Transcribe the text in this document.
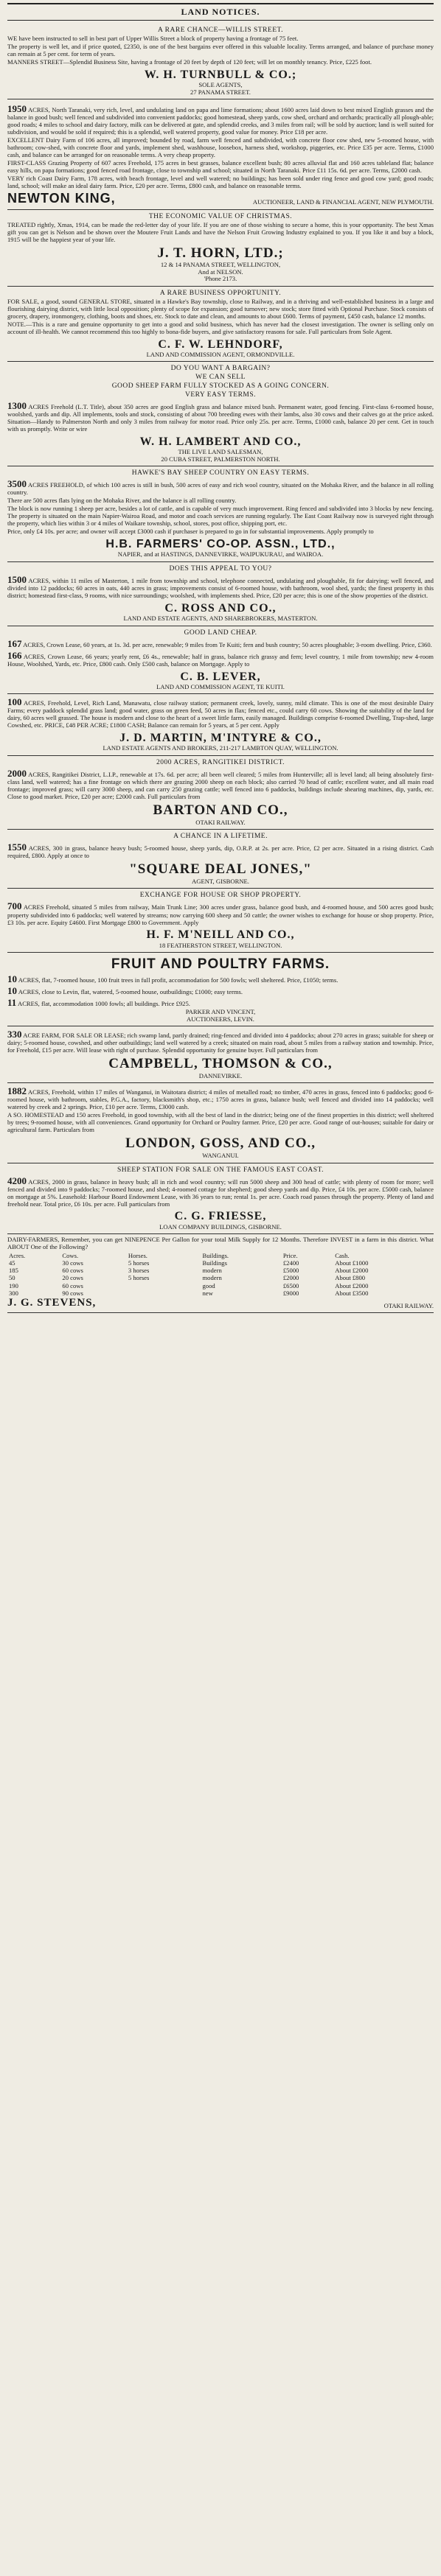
LAND NOTICES.
A RARE CHANCE—WILLIS STREET.

WE have been instructed to sell in best part of Upper Willis Street a block of property having a frontage of 75 feet.

The property is well let, and if price quoted, £2350, is one of the best bargains ever offered in this valuable locality. Terms arranged, and balance of purchase money can remain at 5 per cent. for term of years.

MANNERS STREET—Splendid Business Site, having a frontage of 20 feet by depth of 120 feet; will let on monthly tenancy. Price, £225 foot.

W. H. TURNBULL & CO.;
SOLE AGENTS,
27 PANAMA STREET.

1950 ACRES, North Taranaki, very rich, level, and undulating land on papa and lime formations; about 1600 acres laid down to best mixed English grasses and the balance in good bush; well fenced and subdivided into convenient paddocks; good homestead, sheep yards, cow shed, orchard and orchards; practically all plough-able; good roads; 4 miles to school and dairy factory, milk can be delivered at gate, and splendid creeks, and 3 miles from rail; will be sold by auction; land is well suited for subdivision, and would be sold if required; this is a splendid, well watered property, good value for money. Price £18 per acre.

EXCELLENT Dairy Farm of 106 acres, all improved; bounded by road, farm well fenced and subdivided, with concrete floor cow shed, new 5-roomed house, with bathroom; cow-shed, with concrete floor and yards, implement shed, washhouse, loosebox, harness shed, workshop, piggeries, etc. Price £35 per acre. Terms, £1000 cash, and balance can be arranged for on reasonable terms. A very cheap property.

FIRST-CLASS Grazing Property of 607 acres Freehold, 175 acres in best grasses, balance excellent bush; 80 acres alluvial flat and 160 acres tableland flat; balance easy hills, on papa formations; good fenced road frontage, close to township and school; situated in North Taranaki. Price £11 15s. 6d. per acre. Terms, £2000 cash.

VERY rich Coast Dairy Farm, 178 acres, with beach frontage, level and well watered; no buildings; has been sold under ring fence and good cow yard; good roads; land, school; will make an ideal dairy farm. Price, £20 per acre. Terms, £800 cash, and balance on reasonable terms.

NEWTON KING,	AUCTIONEER, LAND & FINANCIAL AGENT, NEW PLYMOUTH.
THE ECONOMIC VALUE OF CHRISTMAS.

TREATED rightly, Xmas, 1914, can be made the red-letter day of your life. If you are one of those wishing to secure a home, this is your opportunity. The best Xmas gift you can get is Nelson and be shown over the Moutere Fruit Lands and have the Nelson Fruit Growing Industry explained to you. If you like it and buy a block, 1915 will be the happiest year of your life.

J. T. HORN, LTD.;
12 & 14 PANAMA STREET, WELLINGTON,
And at NELSON.
'Phone 2173.
A RARE BUSINESS OPPORTUNITY.

FOR SALE, a good, sound GENERAL STORE, situated in a Hawke's Bay township, close to Railway, and in a thriving and well-established business in a large and flourishing dairying district, with little local opposition; plenty of scope for expansion; good turnover; new stock; store fitted with Optional Purchase. Stock consists of grocery, drapery, ironmongery, clothing, boots and shoes, etc. Stock to date and clean, and amounts to about £600. Terms of payment, £450 cash, balance 12 months.

NOTE.—This is a rare and genuine opportunity to get into a good and solid business, which has never had the closest investigation. The owner is selling only on account of ill-health. We cannot recommend this too highly to bona-fide buyers, and give satisfactory reasons for sale. Full particulars from Sole Agent.

C. F. W. LEHNDORF,
LAND AND COMMISSION AGENT, ORMONDVILLE.
DO YOU WANT A BARGAIN?
WE CAN SELL
GOOD SHEEP FARM FULLY STOCKED AS A GOING CONCERN.
VERY EASY TERMS.

1300 ACRES Freehold (L.T. Title), about 350 acres are good English grass and balance mixed bush. Permanent water, good fencing. First-class 6-roomed house, woolshed, yards and dip. All implements, tools and stock, consisting of about 700 breeding ewes with their lambs, also 30 cows and their calves go at the price asked. Situation—Handy to Palmerston North and only 3 miles from railway for motor road. Price only 25s. per acre. Terms, £1000 cash, balance 20 per cent. Get in touch with us promptly. Write or wire

W. H. LAMBERT AND CO.,
THE LIVE LAND SALESMAN,
20 CUBA STREET, PALMERSTON NORTH.
HAWKE'S BAY SHEEP COUNTRY ON EASY TERMS.

3500 ACRES FREEHOLD, of which 100 acres is still in bush, 500 acres of easy and rich wool country, situated on the Mohaka River, and the balance in all rolling country.

There are 500 acres flats lying on the Mohaka River, and the balance is all rolling country.

The block is now running 1 sheep per acre, besides a lot of cattle, and is capable of very much improvement. Ring fenced and subdivided into 3 blocks by new fencing. The property is situated on the main Napier-Wairoa Road, and motor and coach services are running regularly. The East Coast Railway now is surveyed right through the property, which lies within 3 or 4 miles of Waikare township, school, stores, post office, shipping port, etc.

Price, only £4 10s. per acre; and owner will accept £3000 cash if purchaser is prepared to go in for substantial improvements. Apply promptly to

H.B. FARMERS' CO-OP. ASSN., LTD.,
NAPIER, and at HASTINGS, DANNEVIRKE, WAIPUKURAU, and WAIROA.
DOES THIS APPEAL TO YOU?

1500 ACRES, within 11 miles of Masterton, 1 mile from township and school, telephone connected, undulating and ploughable, fit for dairying; well fenced, and divided into 12 paddocks; 60 acres in oats, 440 acres in grass; improvements consist of 6-roomed house, with bathroom, wool shed, yards; the finest property in this district; homestead first-class, 9 rooms, with nice surroundings; woolshed, with implements shed. Price, £20 per acre; this is one of the show properties of the district.

C. ROSS AND CO.,
LAND AND ESTATE AGENTS, AND SHAREBROKERS, MASTERTON.
GOOD LAND CHEAP.

167 ACRES, Crown Lease, 60 years, at 1s. 3d. per acre, renewable; 9 miles from Te Kuiti; fern and bush country; 50 acres ploughable; 3-room dwelling. Price, £360.

166 ACRES, Crown Lease, 66 years; yearly rent, £6 4s., renewable; half in grass, balance rich grassy and fern; level country, 1 mile from township; new 4-room House, Woolshed, Yards, etc. Price, £800 cash. Only £500 cash, balance on Mortgage. Apply to

C. B. LEVER,
LAND AND COMMISSION AGENT, TE KUITI.

100 ACRES, Freehold, Level, Rich Land, Manawatu, close railway station; permanent creek, lovely, sunny, mild climate. This is one of the most desirable Dairy Farms; every paddock splendid grass land; good water, grass on green feed, 50 acres in flax; fenced etc., could carry 60 cows. Showing the suitability of the land for dairy, 60 acres well grassed. The house is modern and close to the heart of a sweet little farm, easily managed. Buildings comprise 6-roomed Dwelling, Trap-shed, large Cowshed, etc. PRICE, £48 PER ACRE; £1800 CASH; Balance can remain for 5 years, at 5 per cent. Apply

J. D. MARTIN, M'INTYRE & CO.,
LAND ESTATE AGENTS AND BROKERS, 211-217 LAMBTON QUAY, WELLINGTON.
2000 ACRES, RANGITIKEI DISTRICT.

2000 ACRES, Rangitikei District, L.I.P., renewable at 17s. 6d. per acre; all been well cleared; 5 miles from Hunterville; all is level land; all being absolutely first-class land, well watered; has a fine frontage on which there are grazing 2000 sheep on each block; also carried 70 head of cattle; excellent water, and all main road frontage; improved grass; will carry 3000 sheep, and can carry 250 grazing cattle; well fenced into 6 paddocks, buildings include shearing machines, dip, yards, etc. Close to good market. Price, £20 per acre; £2000 cash. Full particulars from

BARTON AND CO.,
OTAKI RAILWAY.
A CHANCE IN A LIFETIME.

1550 ACRES, 300 in grass, balance heavy bush; 5-roomed house, sheep yards, dip, O.R.P. at 2s. per acre. Price, £2 per acre. Situated in a rising district. Cash required, £800. Apply at once to

"SQUARE DEAL JONES,"
AGENT, GISBORNE.
EXCHANGE FOR HOUSE OR SHOP PROPERTY.

700 ACRES Freehold, situated 5 miles from railway, Main Trunk Line; 300 acres under grass, balance good bush, and 4-roomed house, and 500 acres good bush; property subdivided into 6 paddocks; well watered by streams; now carrying 600 sheep and 50 cattle; the owner wishes to exchange for house or shop property. Price, £3 10s. per acre. Equity £4600. First Mortgage £800 to Government. Apply

H. F. M'NEILL AND CO.,
18 FEATHERSTON STREET, WELLINGTON.
FRUIT AND POULTRY FARMS.

10 ACRES, flat, 7-roomed house, 100 fruit trees in full profit, accommodation for 500 fowls; well sheltered. Price, £1050; terms.

10 ACRES, close to Levin, flat, watered, 5-roomed house, outbuildings; £1000; easy terms.

11 ACRES, flat, accommodation 1000 fowls; all buildings. Price £925.

PARKER AND VINCENT,
AUCTIONEERS, LEVIN.

330 ACRE FARM, FOR SALE OR LEASE; rich swamp land, partly drained; ring-fenced and divided into 4 paddocks; about 270 acres in grass; suitable for sheep or dairy; 5-roomed house, cowshed, and other outbuildings; land well watered by a creek; situated on main road, about 5 miles from a railway station and township. Price, for Freehold, £15 per acre. Will lease with right of purchase. Splendid opportunity for genuine buyer. Full particulars from

CAMPBELL, THOMSON & CO.,
DANNEVIRKE.

1882 ACRES, Freehold, within 17 miles of Wanganui, in Waitotara district; 4 miles of metalled road; no timber, 470 acres in grass, fenced into 6 paddocks; good 6-roomed house, with bathroom, stables, P.G.A., factory, blacksmith's shop, etc.; 1750 acres in grass, balance bush; well fenced and divided into 14 paddocks; well watered by creek and 2 springs. Price, £10 per acre. Terms, £3000 cash.

A SO. HOMESTEAD and 150 acres Freehold, in good township, with all the best of land in the district; being one of the finest properties in this district; well sheltered by trees; 9-roomed house, with all conveniences. Grand opportunity for Orchard or Poultry farmer. Price, £20 per acre. Good range of out-houses; suitable for dairy or agricultural farm. Particulars from

LONDON, GOSS, AND CO.,
WANGANUI.
SHEEP STATION FOR SALE ON THE FAMOUS EAST COAST.

4200 ACRES, 2000 in grass, balance in heavy bush; all in rich and wool country; will run 5000 sheep and 300 head of cattle; with plenty of room for more; well fenced and divided into 9 paddocks; 7-roomed house, and shed; 4-roomed cottage for shepherd; good sheep yards and dip. Price, £4 10s. per acre. £5000 cash, balance on mortgage at 5%. Leasehold: Harbour Board Endowment Lease, with 36 years to run; rental 1s. per acre. Coach road passes through the property. Plenty of land and freehold near. Total price, £6 10s. per acre. Full particulars from

C. G. FRIESSE,
LOAN COMPANY BUILDINGS, GISBORNE.

DAIRY-FARMERS, Remember, you can get NINEPENCE Per Gallon for your total Milk Supply for 12 Months. Therefore INVEST in a farm in this district. What ABOUT One of the Following?

Acres.	Cows.	Horses.		Buildings.	Price.	Cash.
45	30 cows	5 horses		Buildings	£2400	About £1000
185	60 cows	3 horses		modern	£5000	About £2000
50	20 cows	5 horses		modern	£2000	About £800
190	60 cows			good	£6500	About £2000
300	90 cows			new	£9000	About £3500
J. G. STEVENS,	OTAKI RAILWAY.
